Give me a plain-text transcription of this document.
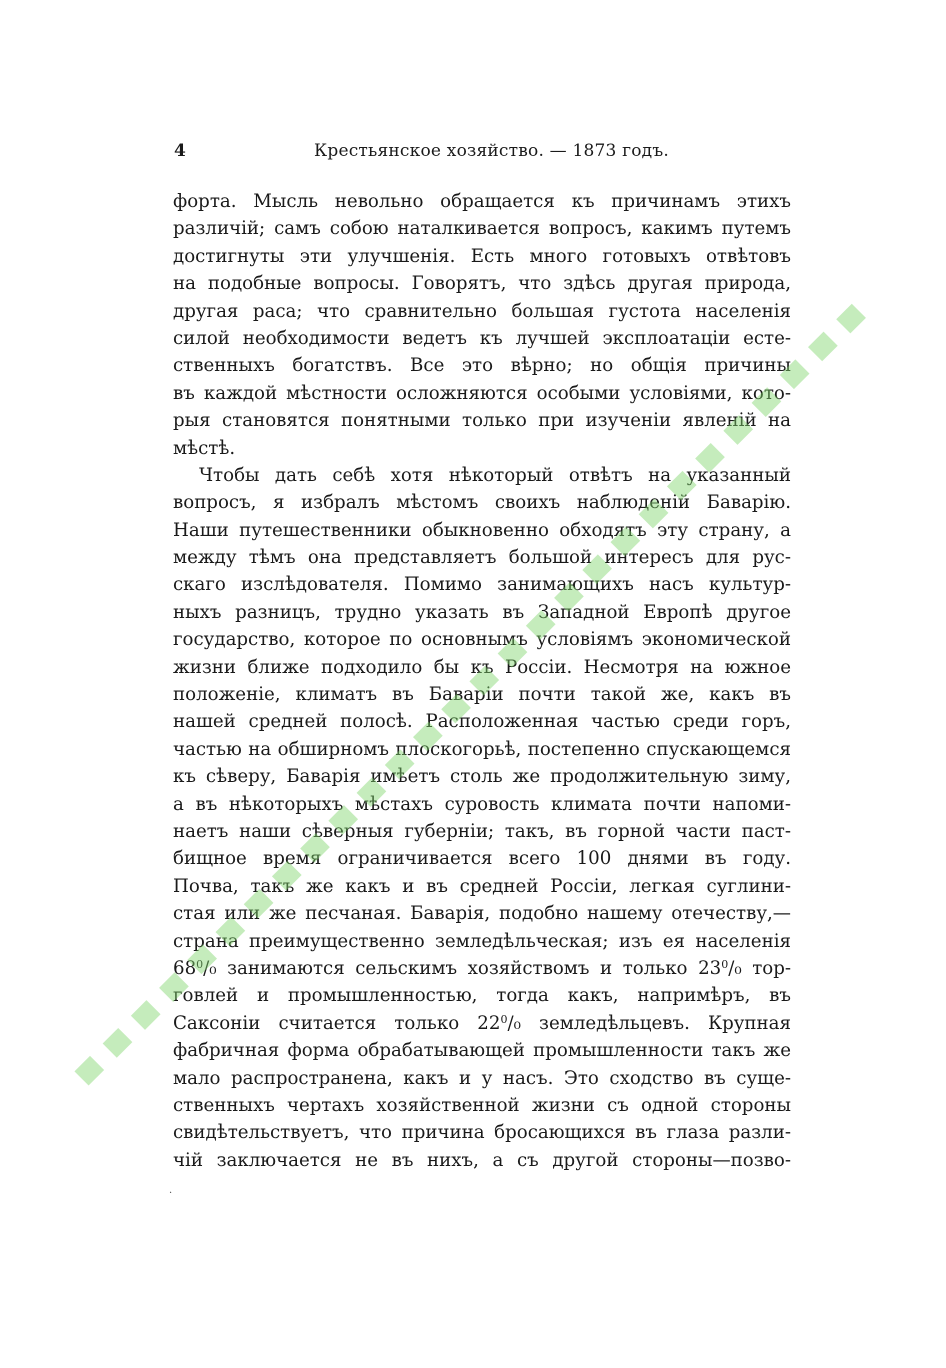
4	Крестьянское хозяйство. — 1873 годъ.
форта. Мысль невольно обращается къ причинамъ этихъ
различій; самъ собою наталкивается вопросъ, какимъ путемъ
достигнуты эти улучшенія. Есть много готовыхъ отвѣтовъ
на подобные вопросы. Говорятъ, что здѣсь другая природа,
другая раса; что сравнительно большая густота населенія
силой необходимости ведетъ къ лучшей эксплоатаціи есте-
ственныхъ богатствъ. Все это вѣрно; но общія причины
въ каждой мѣстности осложняются особыми условіями, кото-
рыя становятся понятными только при изученіи явленій на
мѣстѣ.
Чтобы дать себѣ хотя нѣкоторый отвѣтъ на указанный
вопросъ, я избралъ мѣстомъ своихъ наблюденій Баварію.
Наши путешественники обыкновенно обходятъ эту страну, а
между тѣмъ она представляетъ большой интересъ для рус-
скаго изслѣдователя. Помимо занимающихъ насъ культур-
ныхъ разницъ, трудно указать въ Западной Европѣ другое
государство, которое по основнымъ условіямъ экономической
жизни ближе подходило бы къ Россіи. Несмотря на южное
положеніе, климатъ въ Баваріи почти такой же, какъ въ
нашей средней полосѣ. Расположенная частью среди горъ,
частью на обширномъ плоскогорьѣ, постепенно спускающемся
къ сѣверу, Баварія имѣетъ столь же продолжительную зиму,
а въ нѣкоторыхъ мѣстахъ суровость климата почти напоми-
наетъ наши сѣверныя губерніи; такъ, въ горной части паст-
бищное время ограничивается всего 100 днями въ году.
Почва, такъ же какъ и въ средней Россіи, легкая суглини-
стая или же песчаная. Баварія, подобно нашему отечеству,—
страна преимущественно земледѣльческая; изъ ея населенія
$68^0/_0$ занимаются сельскимъ хозяйствомъ и только $23^0/_0$ тор-
говлей и промышленностью, тогда какъ, напримѣръ, въ
Саксоніи считается только $22^0/_0$ земледѣльцевъ. Крупная
фабричная форма обрабатывающей промышленности такъ же
мало распространена, какъ и у насъ. Это сходство въ суще-
ственныхъ чертахъ хозяйственной жизни съ одной стороны
свидѣтельствуетъ, что причина бросающихся въ глаза разли-
чій заключается не въ нихъ, а съ другой стороны—позво-
·
